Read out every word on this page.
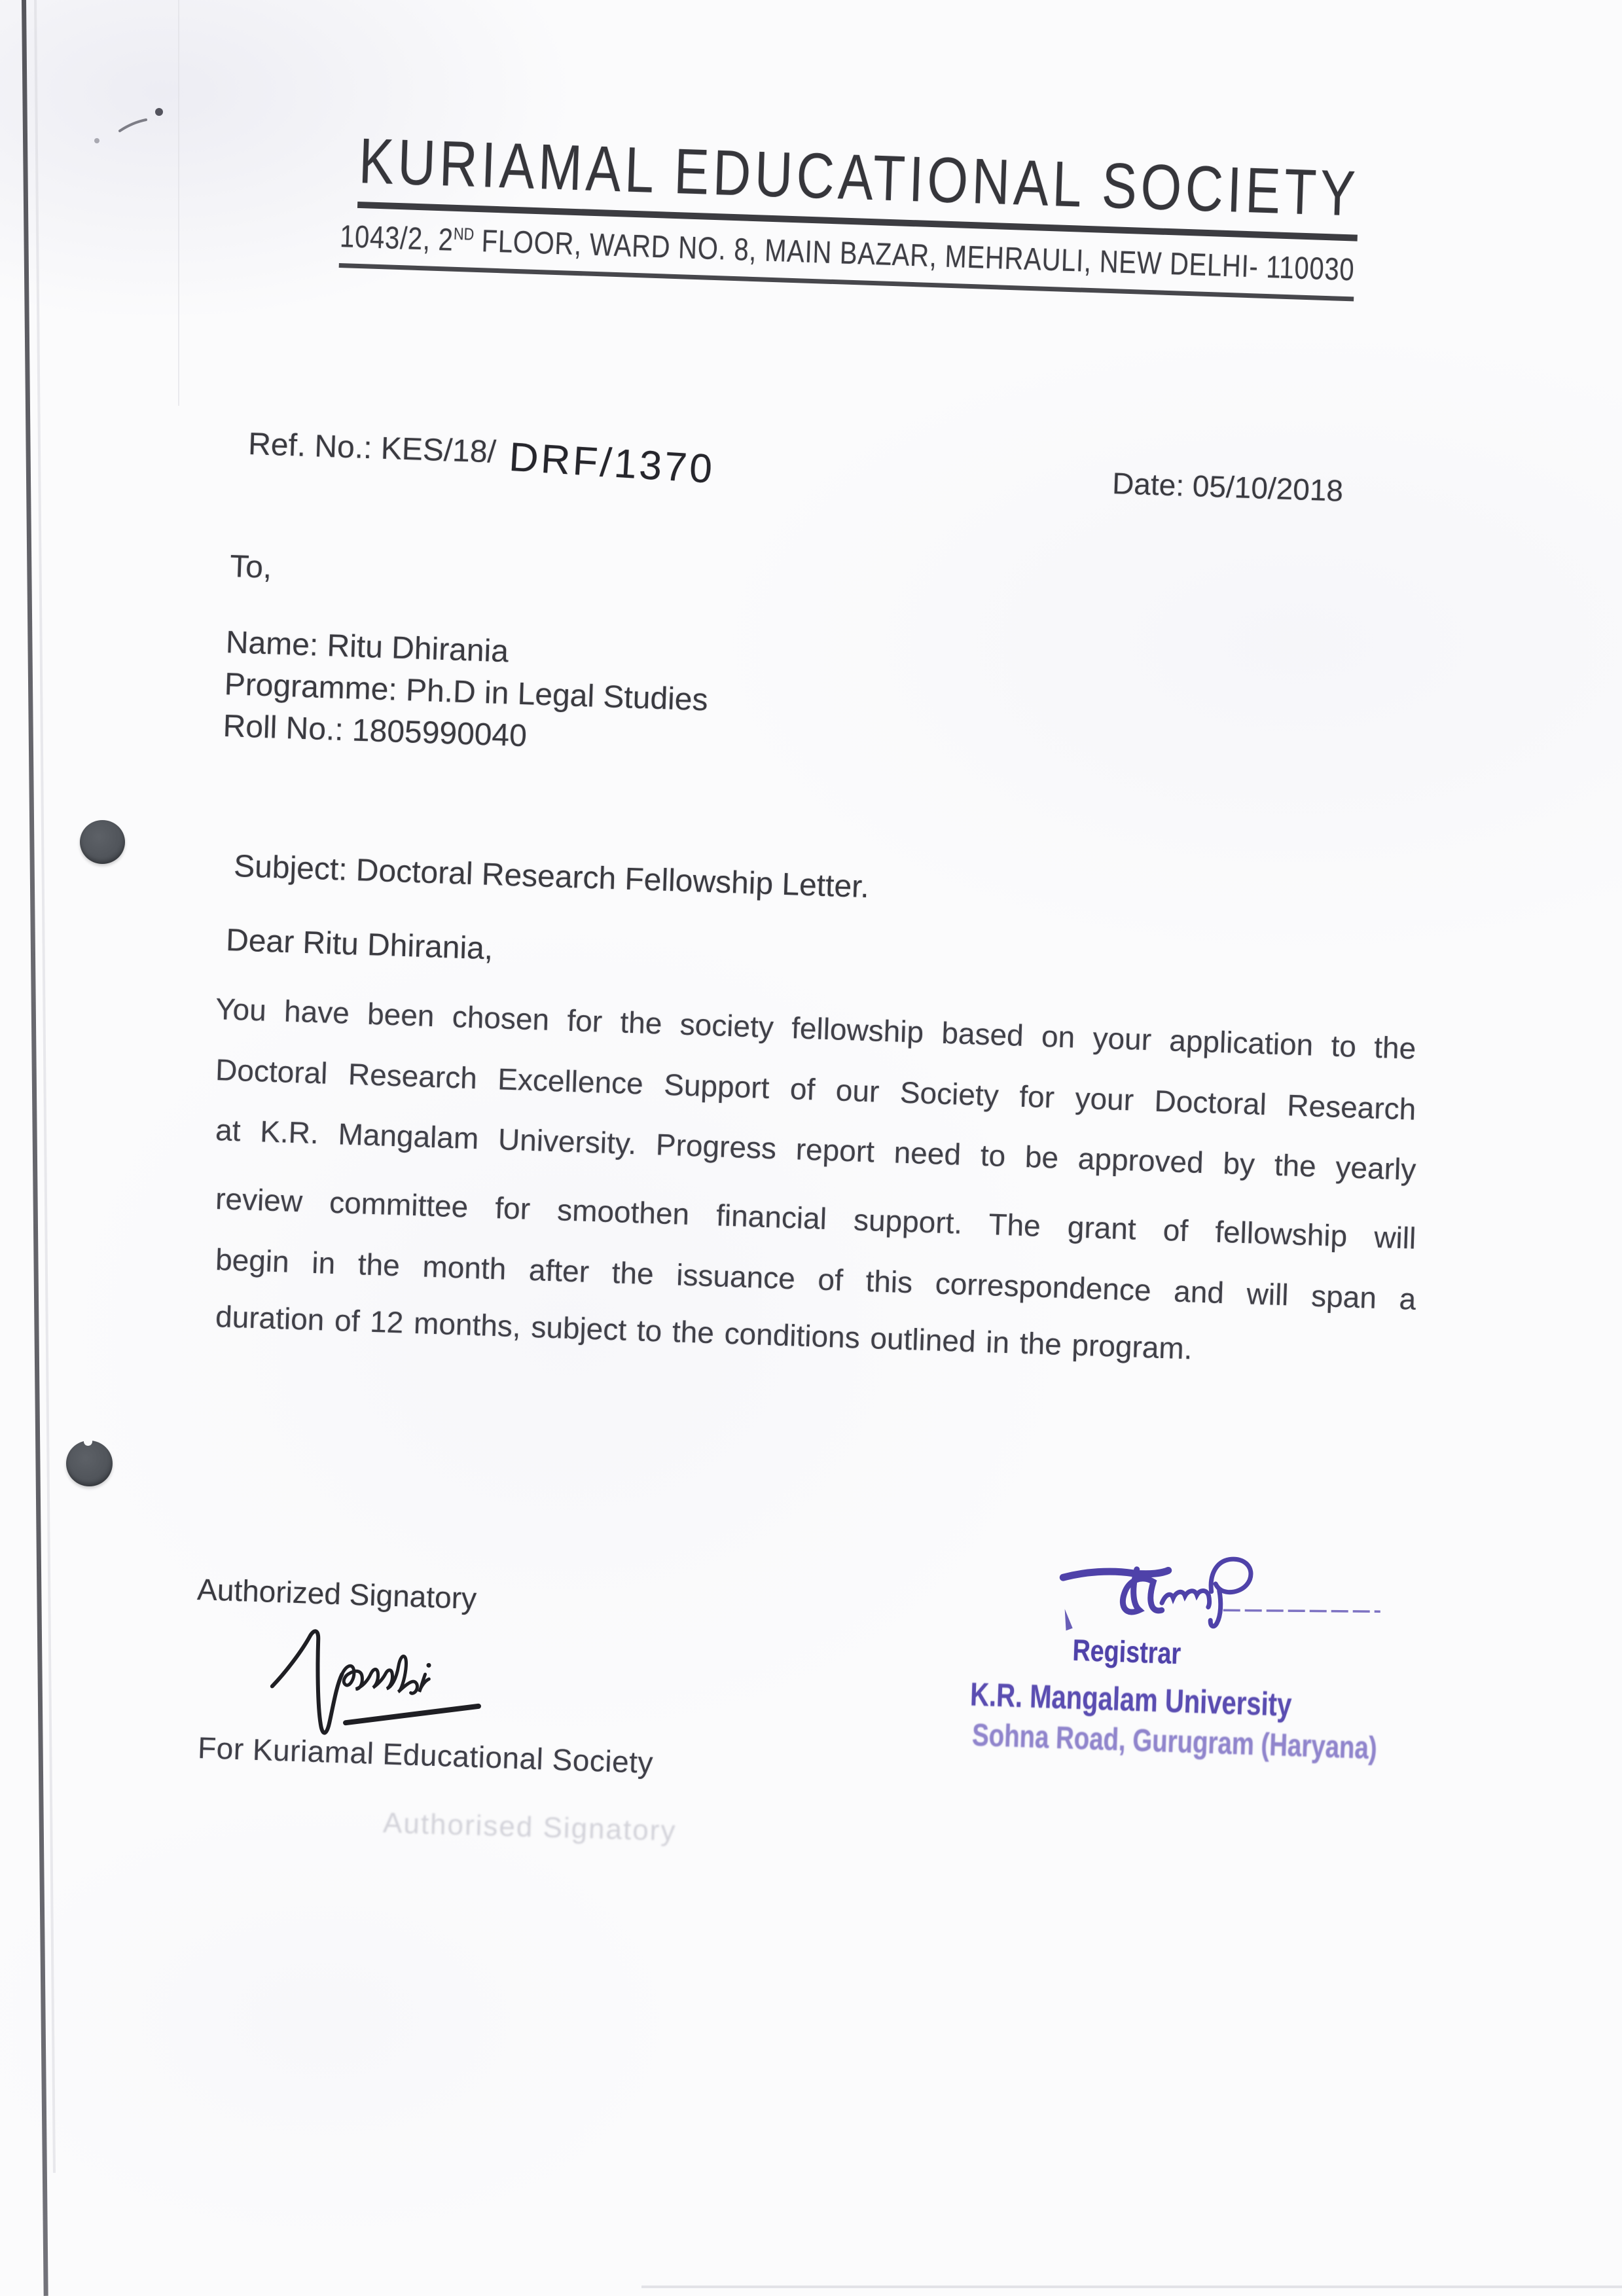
KURIAMAL EDUCATIONAL SOCIETY
1043/2, 2ND FLOOR, WARD NO. 8, MAIN BAZAR, MEHRAULI, NEW DELHI- 110030
Ref. No.: KES/18/ DRF/1370	Date: 05/10/2018
To,
Name: Ritu Dhirania
Programme: Ph.D in Legal Studies
Roll No.: 1805990040
Subject: Doctoral Research Fellowship Letter.
Dear Ritu Dhirania,
You have been chosen for the society fellowship based on your application to the
Doctoral Research Excellence Support of our Society for your Doctoral Research
at K.R. Mangalam University. Progress report need to be approved by the yearly
review committee for smoothen financial support. The grant of fellowship will
begin in the month after the issuance of this correspondence and will span a
duration of 12 months, subject to the conditions outlined in the program.
Authorized Signatory
For Kuriamal Educational Society
Authorised Signatory
Registrar
K.R. Mangalam University
Sohna Road, Gurugram (Haryana)
